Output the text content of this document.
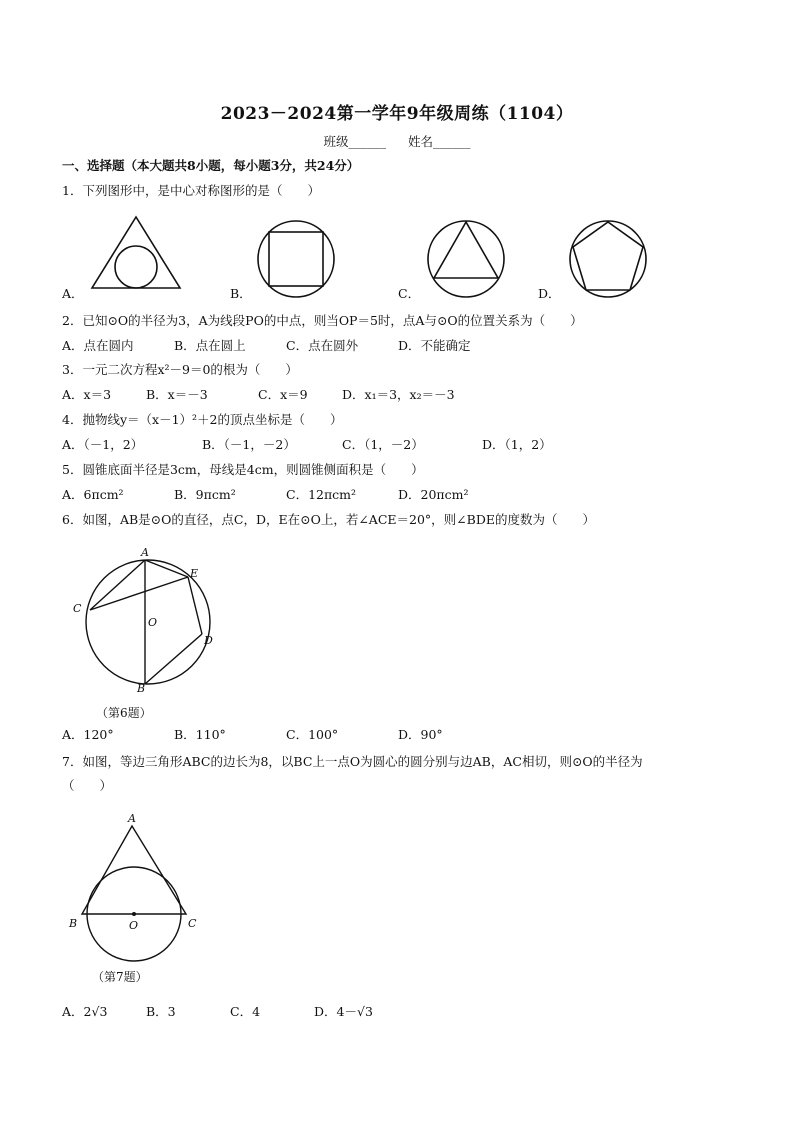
2023－2024第一学年9年级周练（1104）
班级______ 姓名______
一、选择题（本大题共8小题，每小题3分，共24分）
1．下列图形中，是中心对称图形的是（　　）
A．	B．	C．	D．
2．已知⊙O的半径为3，A为线段PO的中点，则当OP＝5时，点A与⊙O的位置关系为（　　）
A．点在圆内	B．点在圆上	C．点在圆外	D．不能确定
3．一元二次方程x²－9＝0的根为（　　）
A．x＝3	B．x＝－3	C．x＝9	D．x₁＝3，x₂＝－3
4．抛物线y＝（x－1）²＋2的顶点坐标是（　　）
A．（－1，2）	B．（－1，－2）	C．（1，－2）	D．（1，2）
5．圆锥底面半径是3cm，母线是4cm，则圆锥侧面积是（　　）
A．6πcm²	B．9πcm²	C．12πcm²	D．20πcm²
6．如图，AB是⊙O的直径，点C，D，E在⊙O上，若∠ACE＝20°，则∠BDE的度数为（　　）
A
E
C
O
D
B
（第6题）
A．120°	B．110°	C．100°	D．90°
7．如图，等边三角形ABC的边长为8，以BC上一点O为圆心的圆分别与边AB，AC相切，则⊙O的半径为
（　　）
A
B	C
O
（第7题）
A．2√3	B．3	C．4	D．4－√3
